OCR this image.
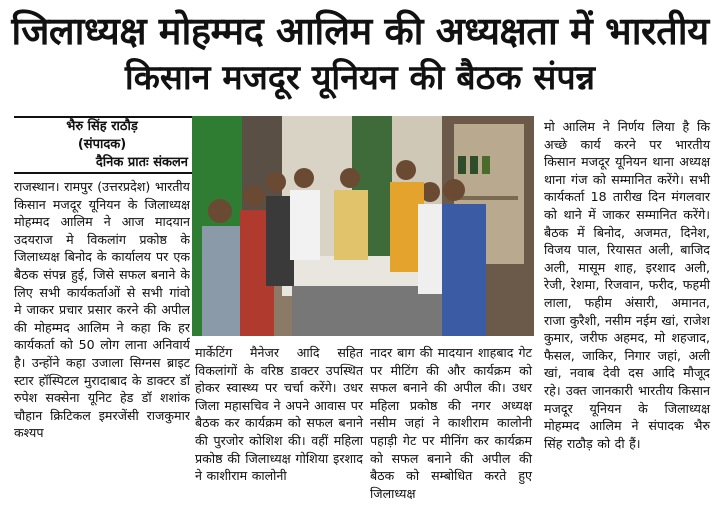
जिलाध्यक्ष मोहम्मद आलिम की अध्यक्षता में भारतीय
किसान मजदूर यूनियन की बैठक संपन्न
भैरु सिंह राठौड़
(संपादक)
दैनिक प्रातः संकलन
राजस्थान। रामपुर (उत्तरप्रदेश) भारतीय किसान मजदूर यूनियन के जिलाध्यक्ष मोहम्मद आलिम ने आज मादयान उदयराज मे विकलांग प्रकोष्ठ के जिलाध्यक्ष बिनोद के कार्यालय पर एक बैठक संपन्न हुई, जिसे सफल बनाने के लिए सभी कार्यकर्ताओं से सभी गांवो मे जाकर प्रचार प्रसार करने की अपील की मोहम्मद आलिम ने कहा कि हर कार्यकर्ता को 50 लोग लाना अनिवार्य है। उन्होंने कहा उजाला सिग्नस ब्राइट स्टार हॉस्पिटल मुरादाबाद के डाक्टर डॉ रुपेश सक्सेना यूनिट हेड डॉ शशांक चौहान क्रिटिकल इमरजेंसी राजकुमार कश्यप
मार्केटिंग मैनेजर आदि सहित विकलांगों के वरिष्ठ डाक्टर उपस्थित होकर स्वास्थ्य पर चर्चा करेंगे। उधर जिला महासचिव ने अपने आवास पर बैठक कर कार्यक्रम को सफल बनाने की पुरजोर कोशिश की। वहीं महिला प्रकोष्ठ की जिलाध्यक्ष गोशिया इरशाद ने काशीराम कालोनी
नादर बाग की मादयान शाहबाद गेट पर मीटिंग की और कार्यक्रम को सफल बनाने की अपील की। उधर महिला प्रकोष्ठ की नगर अध्यक्ष नसीम जहां ने काशीराम कालोनी पहाड़ी गेट पर मीनिंग कर कार्यक्रम को सफल बनाने की अपील की बैठक को सम्बोधित करते हुए जिलाध्यक्ष
मो आलिम ने निर्णय लिया है कि अच्छे कार्य करने पर भारतीय किसान मजदूर यूनियन थाना अध्यक्ष थाना गंज को सम्मानित करेंगे। सभी कार्यकर्ता 18 तारीख दिन मंगलवार को थाने में जाकर सम्मानित करेंगे। बैठक में बिनोद, अजमत, दिनेश, विजय पाल, रियासत अली, बाजिद अली, मासूम शाह, इरशाद अली, रेजी, रेशमा, रिजवान, फरीद, फहमी लाला, फहीम अंसारी, अमानत, राजा कुरैशी, नसीम नईम खां, राजेश कुमार, जरीफ अहमद, मो शहजाद, फैसल, जाकिर, निगार जहां, अली खां, नवाब देवी दस आदि मौजूद रहे। उक्त जानकारी भारतीय किसान मजदूर यूनियन के जिलाध्यक्ष मोहम्मद आलिम ने संपादक भैरु सिंह राठौड़ को दी हैं।
